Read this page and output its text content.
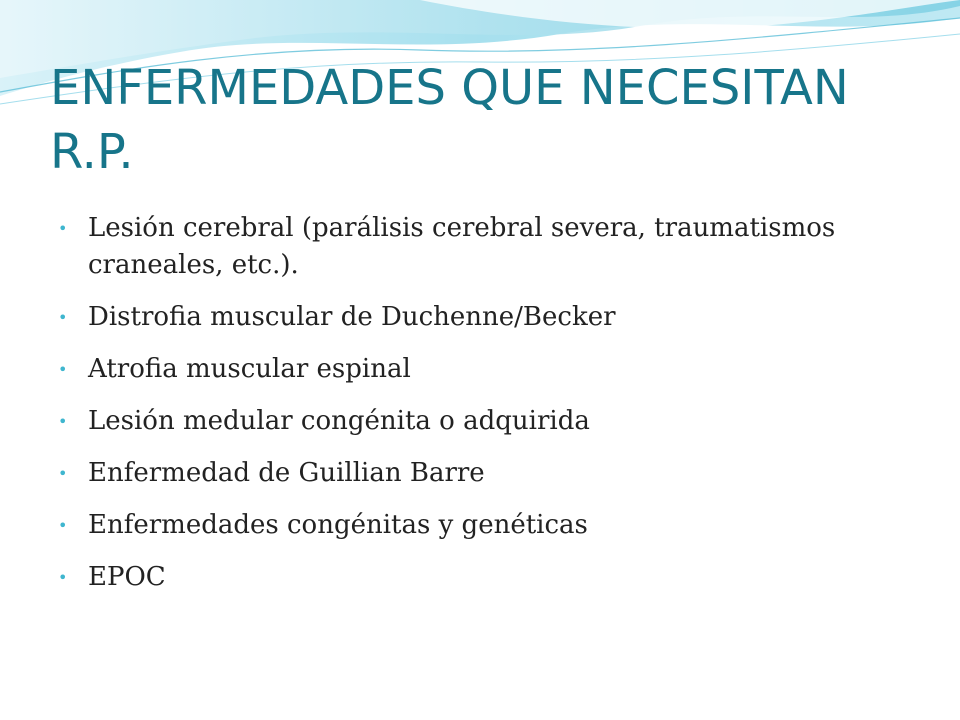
ENFERMEDADES QUE NECESITAN R.P.
• Lesión cerebral (parálisis cerebral severa, traumatismos craneales, etc.).
• Distrofia muscular de Duchenne/Becker
• Atrofia muscular espinal
• Lesión medular congénita o adquirida
• Enfermedad de Guillian Barre
• Enfermedades congénitas y genéticas
• EPOC
